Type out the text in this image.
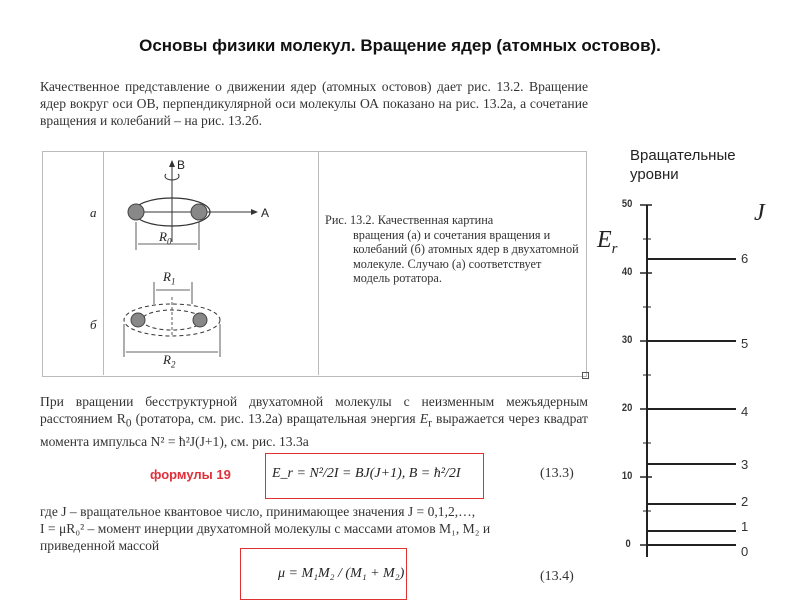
Основы физики молекул. Вращение ядер (атомных остовов).
Качественное представление о движении ядер (атомных остовов) дает рис. 13.2. Вращение ядер вокруг оси ОВ, перпендикулярной оси молекулы ОА показано на рис. 13.2а, а сочетание вращения и колебаний – на рис. 13.2б.
а
б
B
A
$R_0$
$R_1$
$R_2$
Рис. 13.2. Качественная картина
вращения (а) и сочетания вращения и колебаний (б) атомных ядер в двухатомной молекуле. Случаю (а) соответствует модель ротатора.
При вращении бесструктурной двухатомной молекулы с неизменным межъядерным расстоянием $R_0$ (ротатора, см. рис. 13.2а) вращательная энергия $E_r$ выражается через квадрат момента импульса N² = ħ²J(J+1), см. рис. 13.3а
формулы 19	E_r = N²/2I = BJ(J+1), B = ħ²/2I	(13.3)
где J – вращательное квантовое число, принимающее значения J = 0,1,2,…,
I = μR₀² – момент инерции двухатомной молекулы с массами атомов M₁, M₂ и
приведенной массой
μ = M₁M₂ / (M₁ + M₂)	(13.4)
Вращательные
уровни
J
$E_r$
50
40
30
20
10
0	0
1
2
3
4
5
6
